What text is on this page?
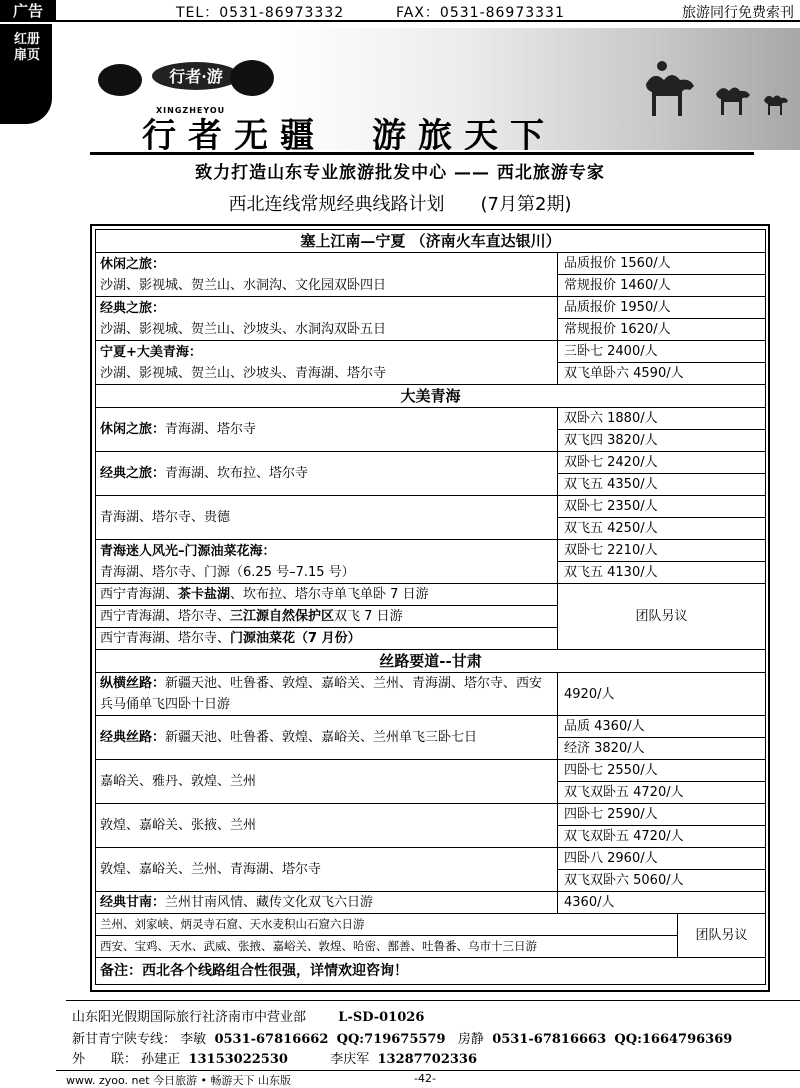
广告	TEL：0531-86973332	FAX：0531-86973331	旅游同行免费索刊
红册扉页
行者·游
XINGZHEYOU
行者无疆　游旅天下
致力打造山东专业旅游批发中心 —— 西北旅游专家
西北连线常规经典线路计划　　(7月第2期)
塞上江南—宁夏 （济南火车直达银川）		
休闲之旅：
沙湖、影视城、贺兰山、水洞沟、文化园双卧四日	品质报价 1560/人	
	常规报价 1460/人	
经典之旅：
沙湖、影视城、贺兰山、沙坡头、水洞沟双卧五日	品质报价 1950/人	
	常规报价 1620/人	
宁夏+大美青海：
沙湖、影视城、贺兰山、沙坡头、青海湖、塔尔寺	三卧七 2400/人	
	双飞单卧六 4590/人	
大美青海		
休闲之旅：青海湖、塔尔寺	双卧六 1880/人	
	双飞四 3820/人	
经典之旅：青海湖、坎布拉、塔尔寺	双卧七 2420/人	
	双飞五 4350/人	
青海湖、塔尔寺、贵德	双卧七 2350/人	
	双飞五 4250/人	
青海迷人风光–门源油菜花海：
青海湖、塔尔寺、门源（6.25 号–7.15 号）	双卧七 2210/人	
	双飞五 4130/人	
西宁青海湖、茶卡盐湖、坎布拉、塔尔寺单飞单卧 7 日游	团队另议	
西宁青海湖、塔尔寺、三江源自然保护区双飞 7 日游		
西宁青海湖、塔尔寺、门源油菜花（7 月份）		
丝路要道--甘肃		
纵横丝路：新疆天池、吐鲁番、敦煌、嘉峪关、兰州、青海湖、塔尔寺、西安兵马俑单飞四卧十日游	4920/人	
经典丝路：新疆天池、吐鲁番、敦煌、嘉峪关、兰州单飞三卧七日	品质 4360/人	
	经济 3820/人	
嘉峪关、雅丹、敦煌、兰州	四卧七 2550/人	
	双飞双卧五 4720/人	
敦煌、嘉峪关、张掖、兰州	四卧七 2590/人	
	双飞双卧五 4720/人	
敦煌、嘉峪关、兰州、青海湖、塔尔寺	四卧八 2960/人	
	双飞双卧六 5060/人	
经典甘南：兰州甘南风情、藏传文化双飞六日游	4360/人	
兰州、刘家峡、炳灵寺石窟、天水麦积山石窟六日游		团队另议
西安、宝鸡、天水、武威、张掖、嘉峪关、敦煌、哈密、鄯善、吐鲁番、乌市十三日游		
备注：西北各个线路组合性很强，详情欢迎咨询！		
山东阳光假期国际旅行社济南市中营业部 L-SD-01026
新甘青宁陕专线： 李敏 0531-67816662 QQ:719675579 房静 0531-67816663 QQ:1664796369
外　　联： 孙建正 13153022530	李庆军 13287702336
www. zyoo. net 今日旅游 • 畅游天下 山东版	-42-
